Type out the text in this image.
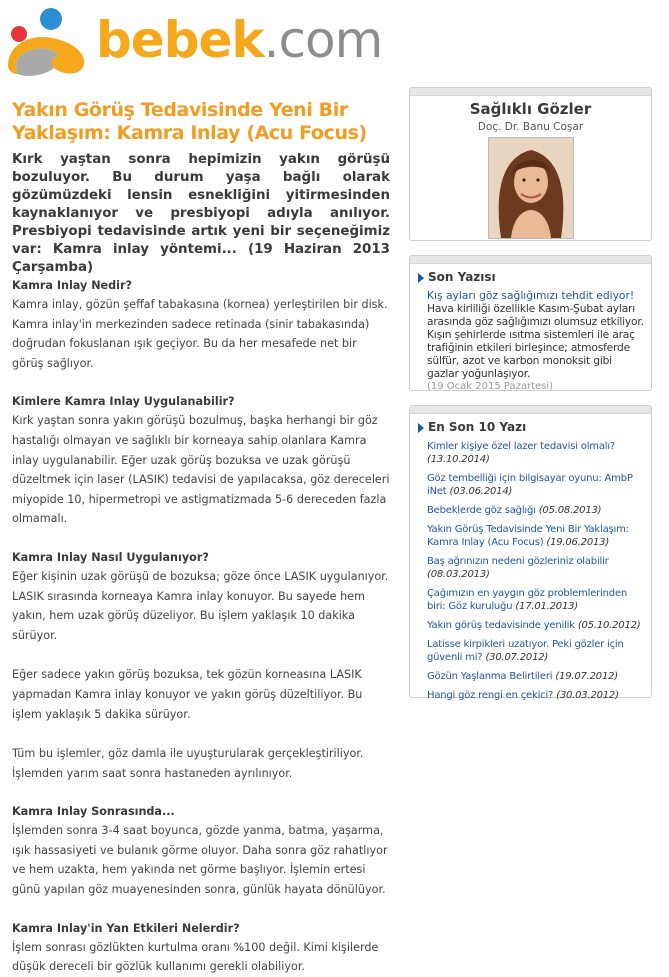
bebek.com
Yakın Görüş Tedavisinde Yeni Bir Yaklaşım: Kamra Inlay (Acu Focus)

Kırk yaştan sonra hepimizin yakın görüşü bozuluyor. Bu durum yaşa bağlı olarak gözümüzdeki lensin esnekliğini yitirmesinden kaynaklanıyor ve presbiyopi adıyla anılıyor. Presbiyopi tedavisinde artık yeni bir seçeneğimiz var: Kamra inlay yöntemi... (19 Haziran 2013 Çarşamba)

Kamra Inlay Nedir?

Kamra inlay, gözün şeffaf tabakasına (kornea) yerleştirilen bir disk. Kamra inlay'in merkezinden sadece retinada (sinir tabakasında) doğrudan fokuslanan ışık geçiyor. Bu da her mesafede net bir görüş sağlıyor.

Kimlere Kamra Inlay Uygulanabilir?

Kırk yaştan sonra yakın görüşü bozulmuş, başka herhangi bir göz hastalığı olmayan ve sağlıklı bir korneaya sahip olanlara Kamra inlay uygulanabilir. Eğer uzak görüş bozuksa ve uzak görüşü düzeltmek için laser (LASIK) tedavisi de yapılacaksa, göz dereceleri miyopide 10, hipermetropi ve astigmatizmada 5-6 dereceden fazla olmamalı.

Kamra Inlay Nasıl Uygulanıyor?

Eğer kişinin uzak görüşü de bozuksa; göze önce LASIK uygulanıyor. LASIK sırasında korneaya Kamra inlay konuyor. Bu sayede hem yakın, hem uzak görüş düzeliyor. Bu işlem yaklaşık 10 dakika sürüyor.

Eğer sadece yakın görüş bozuksa, tek gözün korneasına LASIK yapmadan Kamra inlay konuyor ve yakın görüş düzeltiliyor. Bu işlem yaklaşık 5 dakika sürüyor.

Tüm bu işlemler, göz damla ile uyuşturularak gerçekleştiriliyor. İşlemden yarım saat sonra hastaneden ayrılınıyor.

Kamra Inlay Sonrasında...

İşlemden sonra 3-4 saat boyunca, gözde yanma, batma, yaşarma, ışık hassasiyeti ve bulanık görme oluyor. Daha sonra göz rahatlıyor ve hem uzakta, hem yakında net görme başlıyor. İşlemin ertesi günü yapılan göz muayenesinden sonra, günlük hayata dönülüyor.

Kamra Inlay'in Yan Etkileri Nelerdir?

İşlem sonrası gözlükten kurtulma oranı %100 değil. Kimi kişilerde düşük dereceli bir gözlük kullanımı gerekli olabiliyor.

Sağlıklı Gözler

Doç. Dr. Banu Coşar

Son Yazısı

Kış ayları göz sağlığımızı tehdit ediyor!

Hava kirliliği özellikle Kasım-Şubat ayları arasında göz sağlığımızı olumsuz etkiliyor. Kışın şehirlerde ısıtma sistemleri ile araç trafiğinin etkileri birleşince; atmosferde sülfür, azot ve karbon monoksit gibi gazlar yoğunlaşıyor.

(19 Ocak 2015 Pazartesi)

En Son 10 Yazı
Kimler kişiye özel lazer tedavisi olmalı? (13.10.2014)
Göz tembelliği için bilgisayar oyunu: AmbP iNet (03.06.2014)
Bebeklerde göz sağlığı (05.08.2013)
Yakın Görüş Tedavisinde Yeni Bir Yaklaşım: Kamra Inlay (Acu Focus) (19.06.2013)
Baş ağrınızın nedeni gözleriniz olabilir (08.03.2013)
Çağımızın en yaygın göz problemlerinden biri: Göz kuruluğu (17.01.2013)
Yakın görüş tedavisinde yenilik (05.10.2012)
Latisse kirpikleri uzatıyor. Peki gözler için güvenli mi? (30.07.2012)
Gözün Yaşlanma Belirtileri (19.07.2012)
Hangi göz rengi en çekici? (30.03.2012)
